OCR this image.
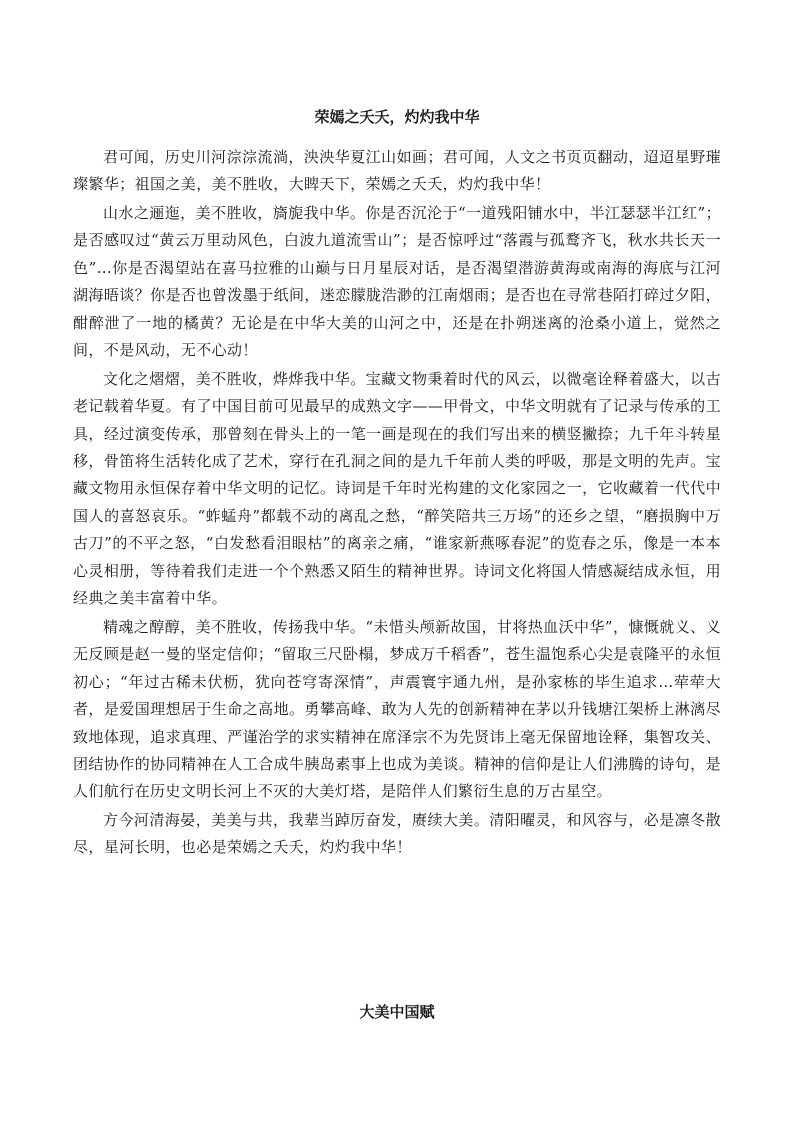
荣嫣之夭夭，灼灼我中华

君可闻，历史川河淙淙流淌，泱泱华夏江山如画；君可闻，人文之书页页翻动，迢迢星野璀璨繁华；祖国之美，美不胜收，大睥天下，荣嫣之夭夭，灼灼我中华！

山水之逦迤，美不胜收，旖旎我中华。你是否沉沦于“一道残阳铺水中，半江瑟瑟半江红”；是否感叹过“黄云万里动风色，白波九道流雪山”；是否惊呼过“落霞与孤鹜齐飞，秋水共长天一色”…你是否渴望站在喜马拉雅的山巅与日月星辰对话，是否渴望潜游黄海或南海的海底与江河湖海晤谈？你是否也曾泼墨于纸间，迷恋朦胧浩渺的江南烟雨；是否也在寻常巷陌打碎过夕阳，酣醉泄了一地的橘黄？无论是在中华大美的山河之中，还是在扑朔迷离的沧桑小道上，觉然之间，不是风动，无不心动！

文化之熠熠，美不胜收，烨烨我中华。宝藏文物秉着时代的风云，以微毫诠释着盛大，以古老记载着华夏。有了中国目前可见最早的成熟文字——甲骨文，中华文明就有了记录与传承的工具，经过演变传承，那曾刻在骨头上的一笔一画是现在的我们写出来的横竖撇捺；九千年斗转星移，骨笛将生活转化成了艺术，穿行在孔洞之间的是九千年前人类的呼吸，那是文明的先声。宝藏文物用永恒保存着中华文明的记忆。诗词是千年时光构建的文化家园之一，它收藏着一代代中国人的喜怒哀乐。“蚱蜢舟”都载不动的离乱之愁，“醉笑陪共三万场”的还乡之望，“磨损胸中万古刀”的不平之怒，“白发愁看泪眼枯”的离亲之痛，“谁家新燕啄春泥”的览春之乐，像是一本本心灵相册，等待着我们走进一个个熟悉又陌生的精神世界。诗词文化将国人情感凝结成永恒，用经典之美丰富着中华。

精魂之醇醇，美不胜收，传扬我中华。“未惜头颅新故国，甘将热血沃中华”，慷慨就义、义无反顾是赵一曼的坚定信仰；“留取三尺卧榻，梦成万千稻香”，苍生温饱系心尖是袁隆平的永恒初心；“年过古稀未伏枥，犹向苍穹寄深情”，声震寰宇通九州，是孙家栋的毕生追求…荦荦大者，是爱国理想居于生命之高地。勇攀高峰、敢为人先的创新精神在茅以升钱塘江架桥上淋漓尽致地体现，追求真理、严谨治学的求实精神在席泽宗不为先贤讳上毫无保留地诠释，集智攻关、团结协作的协同精神在人工合成牛胰岛素事上也成为美谈。精神的信仰是让人们沸腾的诗句，是人们航行在历史文明长河上不灭的大美灯塔，是陪伴人们繁衍生息的万古星空。

方今河清海晏，美美与共，我辈当踔厉奋发，赓续大美。清阳曜灵，和风容与，必是凛冬散尽，星河长明，也必是荣嫣之夭夭，灼灼我中华！

大美中国赋
